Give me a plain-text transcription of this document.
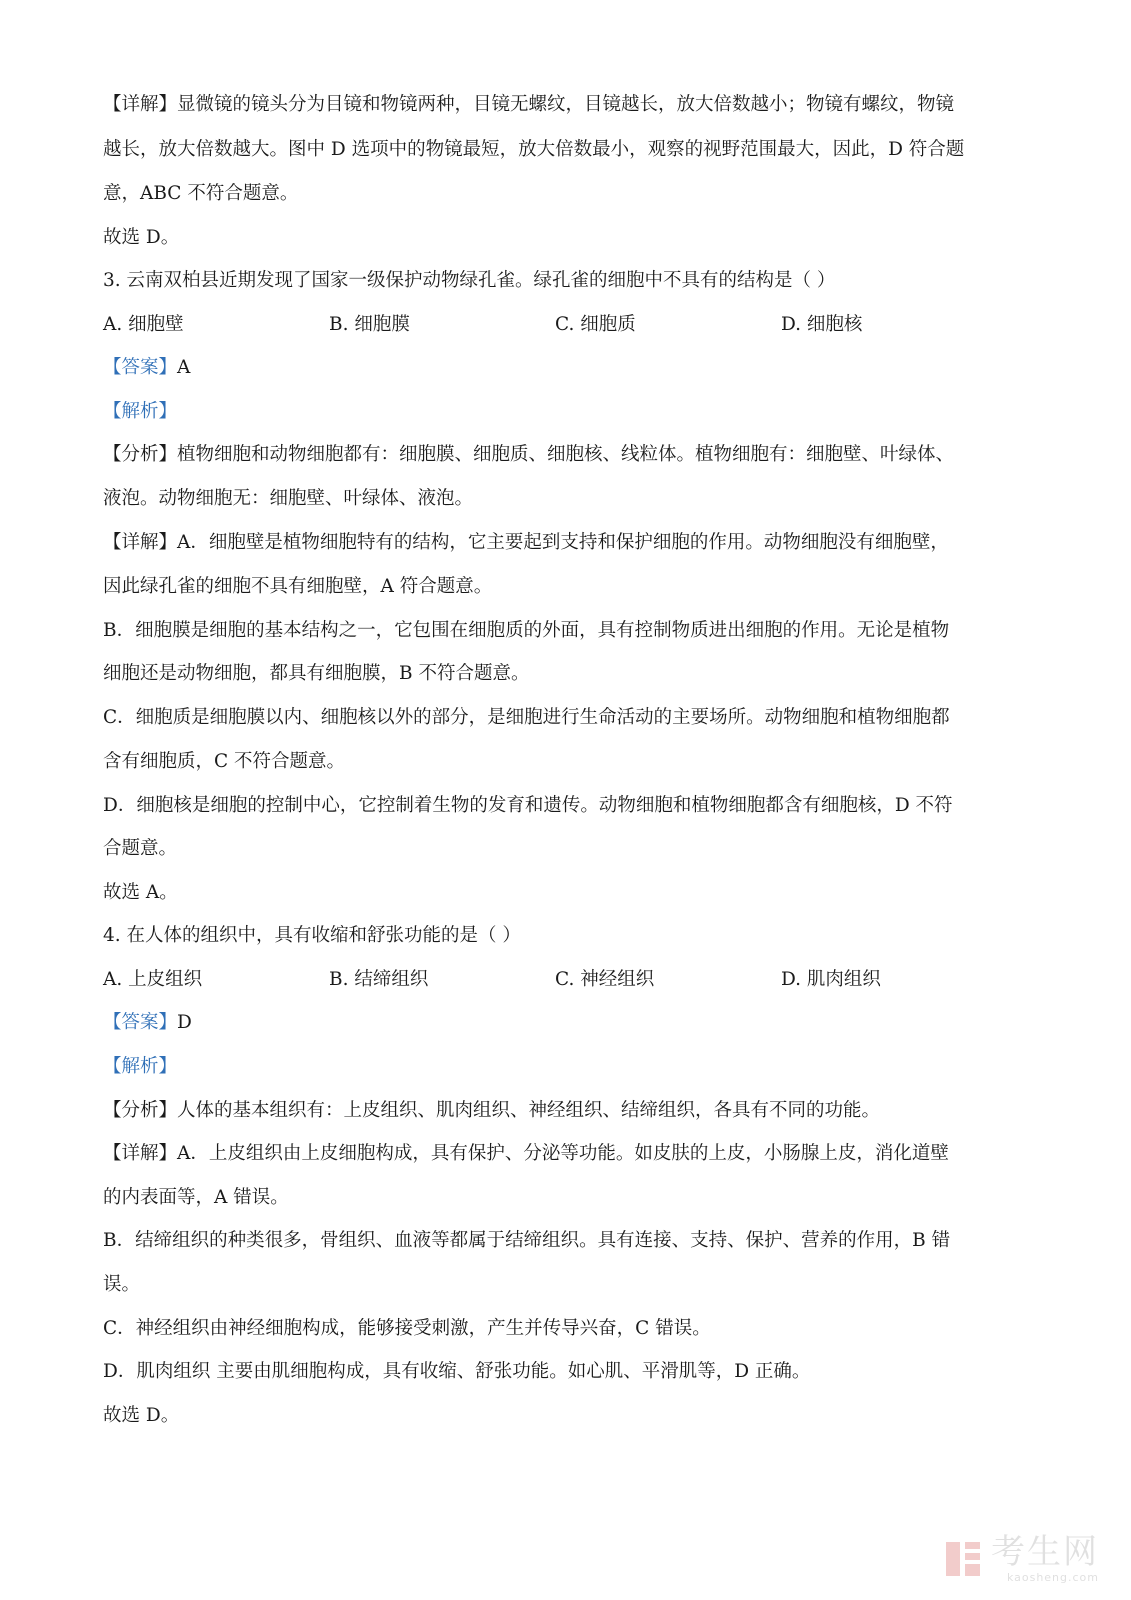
【详解】显微镜的镜头分为目镜和物镜两种，目镜无螺纹，目镜越长，放大倍数越小；物镜有螺纹，物镜
越长，放大倍数越大。图中 D 选项中的物镜最短，放大倍数最小，观察的视野范围最大，因此，D 符合题
意，ABC 不符合题意。
故选 D。
3. 云南双柏县近期发现了国家一级保护动物绿孔雀。绿孔雀的细胞中不具有的结构是（ ）
A. 细胞壁	B. 细胞膜	C. 细胞质	D. 细胞核
【答案】A
【解析】
【分析】植物细胞和动物细胞都有：细胞膜、细胞质、细胞核、线粒体。植物细胞有：细胞壁、叶绿体、
液泡。动物细胞无：细胞壁、叶绿体、液泡。
【详解】A．细胞壁是植物细胞特有的结构，它主要起到支持和保护细胞的作用。动物细胞没有细胞壁，
因此绿孔雀的细胞不具有细胞壁，A 符合题意。
B．细胞膜是细胞的基本结构之一，它包围在细胞质的外面，具有控制物质进出细胞的作用。无论是植物
细胞还是动物细胞，都具有细胞膜，B 不符合题意。
C．细胞质是细胞膜以内、细胞核以外的部分，是细胞进行生命活动的主要场所。动物细胞和植物细胞都
含有细胞质，C 不符合题意。
D．细胞核是细胞的控制中心，它控制着生物的发育和遗传。动物细胞和植物细胞都含有细胞核，D 不符
合题意。
故选 A。
4. 在人体的组织中，具有收缩和舒张功能的是（ ）
A. 上皮组织	B. 结缔组织	C. 神经组织	D. 肌肉组织
【答案】D
【解析】
【分析】人体的基本组织有：上皮组织、肌肉组织、神经组织、结缔组织，各具有不同的功能。
【详解】A．上皮组织由上皮细胞构成，具有保护、分泌等功能。如皮肤的上皮，小肠腺上皮，消化道壁
的内表面等，A 错误。
B．结缔组织的种类很多，骨组织、血液等都属于结缔组织。具有连接、支持、保护、营养的作用，B 错
误。
C．神经组织由神经细胞构成，能够接受刺激，产生并传导兴奋，C 错误。
D．肌肉组织 主要由肌细胞构成，具有收缩、舒张功能。如心肌、平滑肌等，D 正确。
故选 D。
考生网
kaosheng.com
